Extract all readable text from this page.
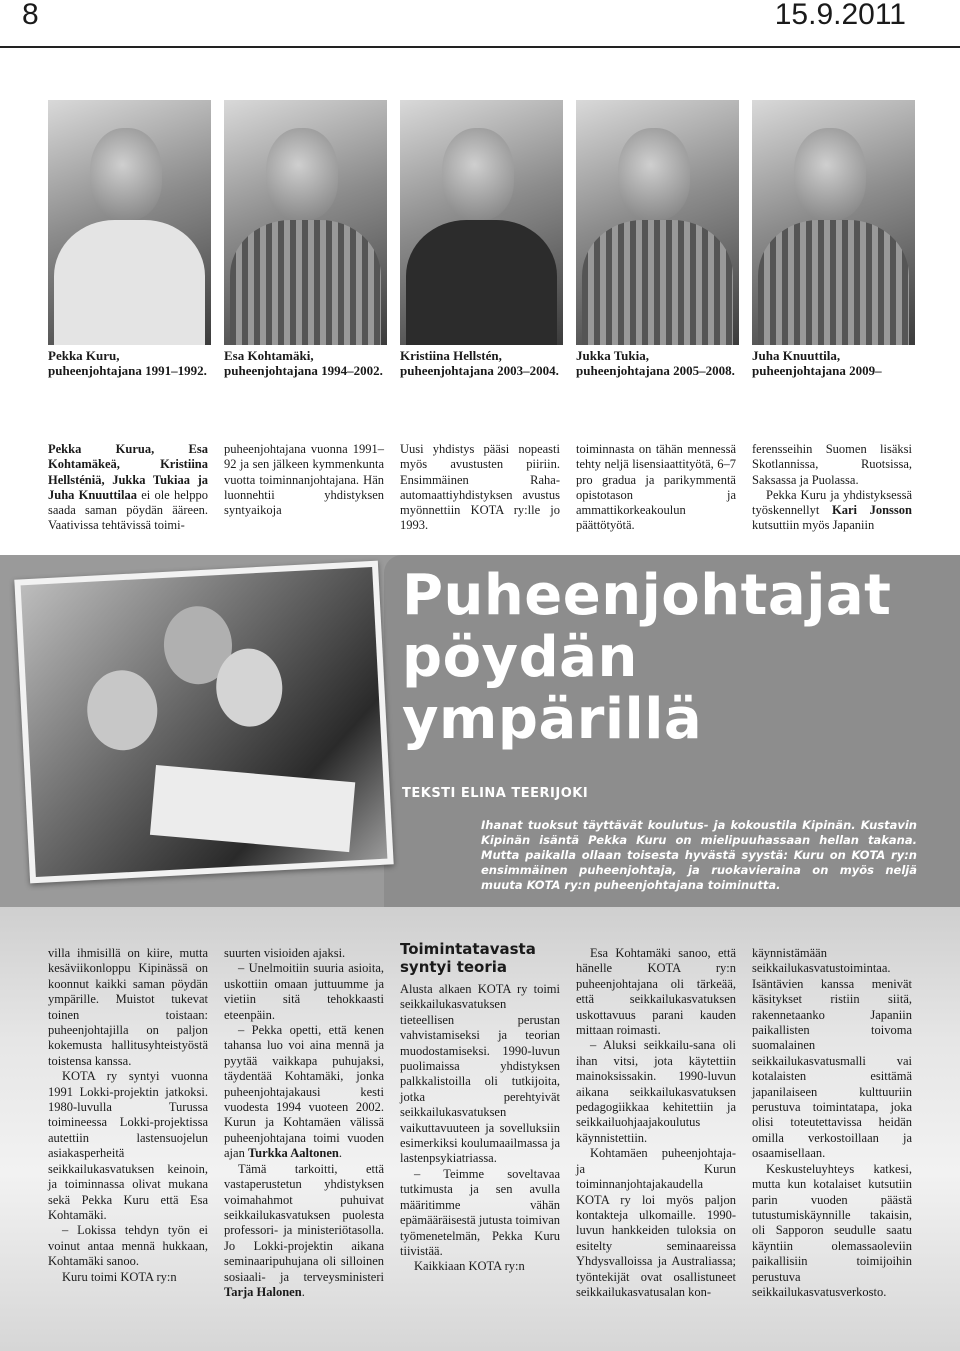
8	15.9.2011
Pekka Kuru, puheenjohtajana 1991–1992.
Esa Kohtamäki, puheenjohtajana 1994–2002.
Kristiina Hellstén, puheenjohtajana 2003–2004.
Jukka Tukia, puheenjohtajana 2005–2008.
Juha Knuuttila, puheenjohtajana 2009–

Pekka Kurua, Esa Kohtamäkeä, Kristiina Hellsténiä, Jukka Tukiaa ja Juha Knuuttilaa ei ole helppo saada saman pöydän ääreen. Vaativissa tehtävissä toimi-

puheenjohtajana vuonna 1991–92 ja sen jälkeen kymmenkunta vuotta toiminnanjohtajana. Hän luonnehtii yhdistyksen syntyaikoja

Uusi yhdistys pääsi nopeasti myös avustusten piiriin. Ensimmäinen Raha-automaattiyhdistyksen avustus myönnettiin KOTA ry:lle jo 1993.

toiminnasta on tähän mennessä tehty neljä lisensiaattityötä, 6–7 pro gradua ja parikymmentä opistotason ja ammattikorkeakoulun päättötyötä.

ferensseihin Suomen lisäksi Skotlannissa, Ruotsissa, Saksassa ja Puolassa.

Pekka Kuru ja yhdistyksessä työskennellyt Kari Jonsson kutsuttiin myös Japaniin

Puheenjohtajat
pöydän
ympärillä
TEKSTI ELINA TEERIJOKI
Ihanat tuoksut täyttävät koulutus- ja kokoustila Kipinän. Kustavin Kipinän isäntä Pekka Kuru on mielipuuhassaan hellan takana. Mutta paikalla ollaan toisesta hyvästä syystä: Kuru on KOTA ry:n ensimmäinen puheenjohtaja, ja ruokavieraina on myös neljä muuta KOTA ry:n puheenjohtajana toiminutta.

villa ihmisillä on kiire, mutta kesäviikonloppu Kipinässä on koonnut kaikki saman pöydän ympärille. Muistot tukevat toinen toistaan: puheenjohtajilla on paljon kokemusta hallitusyhteistyöstä toistensa kanssa.

KOTA ry syntyi vuonna 1991 Lokki-projektin jatkoksi. 1980-luvulla Turussa toimineessa Lokki-projektissa autettiin lastensuojelun asiakasperheitä seikkailukasvatuksen keinoin, ja toiminnassa olivat mukana sekä Pekka Kuru että Esa Kohtamäki.

– Lokissa tehdyn työn ei voinut antaa mennä hukkaan, Kohtamäki sanoo.

Kuru toimi KOTA ry:n

suurten visioiden ajaksi.

– Unelmoitiin suuria asioita, uskottiin omaan juttuumme ja vietiin sitä tehokkaasti eteenpäin.

– Pekka opetti, että kenen tahansa luo voi aina mennä ja pyytää vaikkapa puhujaksi, täydentää Kohtamäki, jonka puheenjohtajakausi kesti vuodesta 1994 vuoteen 2002. Kurun ja Kohtamäen välissä puheenjohtajana toimi vuoden ajan Turkka Aaltonen.

Tämä tarkoitti, että vastaperustetun yhdistyksen voimahahmot puhuivat seikkailukasvatuksen puolesta professori- ja ministeriötasolla. Jo Lokki-projektin aikana seminaaripuhujana oli silloinen sosiaali- ja terveysministeri Tarja Halonen.

Toimintatavasta syntyi teoria

Alusta alkaen KOTA ry toimi seikkailukasvatuksen tieteellisen perustan vahvistamiseksi ja teorian muodostamiseksi. 1990-luvun puolimaissa yhdistyksen palkkalistoilla oli tutkijoita, jotka perehtyivät seikkailukasvatuksen vaikuttavuuteen ja sovelluksiin esimerkiksi koulumaailmassa ja lastenpsykiatriassa.

– Teimme soveltavaa tutkimusta ja sen avulla määritimme vähän epämääräisestä jutusta toimivan työmenetelmän, Pekka Kuru tiivistää.

Kaikkiaan KOTA ry:n

Esa Kohtamäki sanoo, että hänelle KOTA ry:n puheenjohtajana oli tärkeää, että seikkailukasvatuksen uskottavuus parani kauden mittaan roimasti.

– Aluksi seikkailu-sana oli ihan vitsi, jota käytettiin mainoksissakin. 1990-luvun aikana seikkailukasvatuksen pedagogiikkaa kehitettiin ja seikkailuohjaajakoulutus käynnistettiin.

Kohtamäen puheenjohtaja- ja Kurun toiminnanjohtajakaudella KOTA ry loi myös paljon kontakteja ulkomaille. 1990-luvun hankkeiden tuloksia on esitelty seminaareissa Yhdysvalloissa ja Australiassa; työntekijät ovat osallistuneet seikkailukasvatusalan kon-

käynnistämään seikkailukasvatustoimintaa. Isäntävien kanssa menivät käsitykset ristiin siitä, rakennetaanko Japaniin paikallisten toivoma suomalainen seikkailukasvatusmalli vai kotalaisten esittämä japanilaiseen kulttuuriin perustuva toimintatapa, joka olisi toteutettavissa heidän omilla verkostoillaan ja osaamisellaan.

Keskusteluyhteys katkesi, mutta kun kotalaiset kutsutiin parin vuoden päästä tutustumiskäynnille takaisin, oli Sapporon seudulle saatu käyntiin olemassaoleviin paikallisiin toimijoihin perustuva seikkailukasvatusverkosto.
